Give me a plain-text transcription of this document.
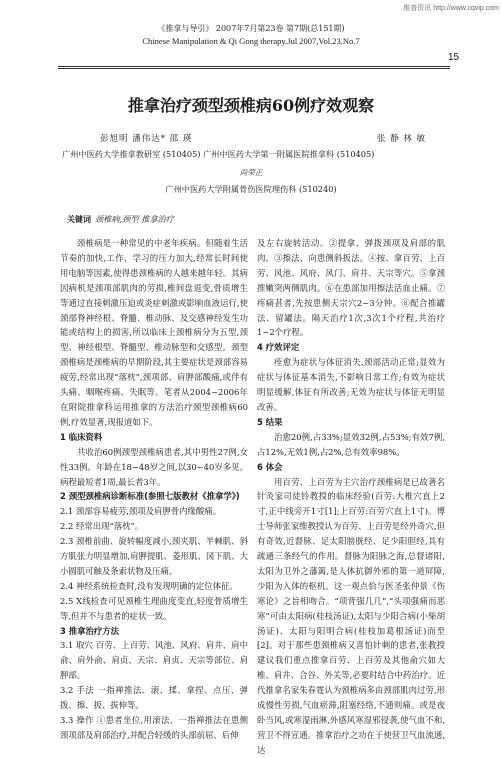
维普资讯 http://www.cqvip.com
《推拿与导引》 2007年7月第23卷 第7期(总151期)
Chinese Manipulation & Qi Gong therapy.Jul 2007,Vol.23,No.7
15
推拿治疗颈型颈椎病60例疗效观察
彭旭明 潘伟达* 邵 瑛	张 静 林 敏
广州中医药大学推拿教研室 (510405) 广州中医药大学第一附属医院推拿科 (510405)
尚荣正
广州中医药大学附属骨伤医院理伤科 (510240)
关键词 颈椎病,颈型 推拿治疗

颈椎病是一种常见的中老年疾病。但随着生活节奏的加快,工作、学习的压力加大,经常长时间使用电脑等因素,使得患颈椎病的人越来越年轻。其病因病机是颈项部肌肉的劳损,椎间盘退变,骨质增生等通过直接刺激压迫或炎症刺激或影响血液运行,使颈部脊神经根、脊髓、椎动脉、及交感神经发生功能或结构上的损害,所以临床上颈椎病分为五型,颈型、神经根型、脊髓型、椎动脉型和交感型。颈型颈椎病是颈椎病的早期阶段,其主要症状是颈部容易疲劳,经常出现“落枕”,颈项部、肩胛部酸痛,或伴有头痛、咽喉疼痛、失眠等。笔者从2004~2006年在附院推拿科运用推拿的方法治疗颈型颈椎病60例,疗效显著,现报道如下。

1 临床资料

共收治60例颈型颈椎病患者,其中男性27例,女性33例。年龄在18~48岁之间,以30~40岁多见。病程最短者1周,最长者3年。

2 颈型颈椎病诊断标准(参照七版教材《推拿学》)

2.1 颈部容易疲劳,颈项及肩胛骨内缘酸痛。

2.2 经常出现“落枕”。

2.3 颈椎前曲、旋转幅度减小,颈夹肌、半棘肌、斜方肌张力明显增加,肩胛提肌、菱形肌、冈下肌、大小圆肌可触及条索状物及压痛。

2.4 神经系统检查时,没有发现明确的定位体征。

2.5 X线检查可见颈椎生理曲度变直,轻度骨质增生等,但并不与患者的症状一致。

3 推拿治疗方法

3.1 取穴 百劳、上百劳、风池、风府、肩井、肩中俞、肩外俞、肩贞、天宗、肩贞、天宗等部位、肩胛部。

3.2 手法 一指禅推法、滚、揉、拿捏、点压、弹拨、擦、扳、拔伸等。

3.3 操作 ①患者坐位,用滚法、一指禅推法在患侧颈项部及肩部治疗,并配合轻缓的头部前屈、后伸

及左右旋转活动。②提拿、弹拨颈项及肩部的肌肉。③擦法、向患侧斜扳法。④按、拿百劳、上百劳、风池、风府、风门、肩井、天宗等穴。⑤拿颈推嫩突两侧肌肉。⑥在患部加用擦法活血止痛。⑦疼痛甚者,先按患侧天宗穴2~3分钟。⑧配合推罐法、留罐法。隔天治疗1次,3次1个疗程,共治疗1~2个疗程。

4 疗效评定

痊愈为症状与体征消失,颈部活动正常;显效为症状与体征基本消失,不影响日常工作;有效为症状明显缓解,体征有所改善;无效为症状与体征无明显改善。

5 结果

治愈20例,占33%;显效32例,占53%;有效7例,占12%,无效1例,占2%,总有效率98%。

6 体会

用百劳、上百劳为主穴治疗颈椎病是已故著名针灸家司徒铃教授的临床经验(百劳:大椎穴直上2寸,正中线旁开1寸[1];上百劳:百劳穴直上1寸)。博士导师张家维教授认为百劳、上百劳是经外奇穴,但有奇效,近督脉、足太阳膀胱经、足少阳胆经,具有疏通三条经气的作用。督脉为阳脉之海,总督诸阳,太阳为卫外之藩篱,是人体抗御外邪的第一道屏障,少阳为入体的枢机。这一观点恰与医圣张仲景《伤寒论》之旨相吻合。“项背强几几”,“头项强痛而恶寒”可由太阳病(桂枝汤证),太阳与少阳合病(小柴胡汤证)、太阳与阳明合病(桂枝加葛根汤证)而至[2]。对于那些患颈椎病又喜怕针刺的患者,张教授建议我们重点推拿百劳、上百劳及其他俞穴如大椎、肩井、合谷、外关等,必要时结合中药治疗。近代推拿名家朱春霆认为颈椎病多由颈部肌肉过劳,形成慢性劳损,气血瘀滞,阻塞经络,不通则痛。或是夜卧当风,或寒湿雨淋,外感风寒湿邪侵袭,使气血不和,营卫不得宣通。推拿治疗之功在于使营卫气血流通,达
